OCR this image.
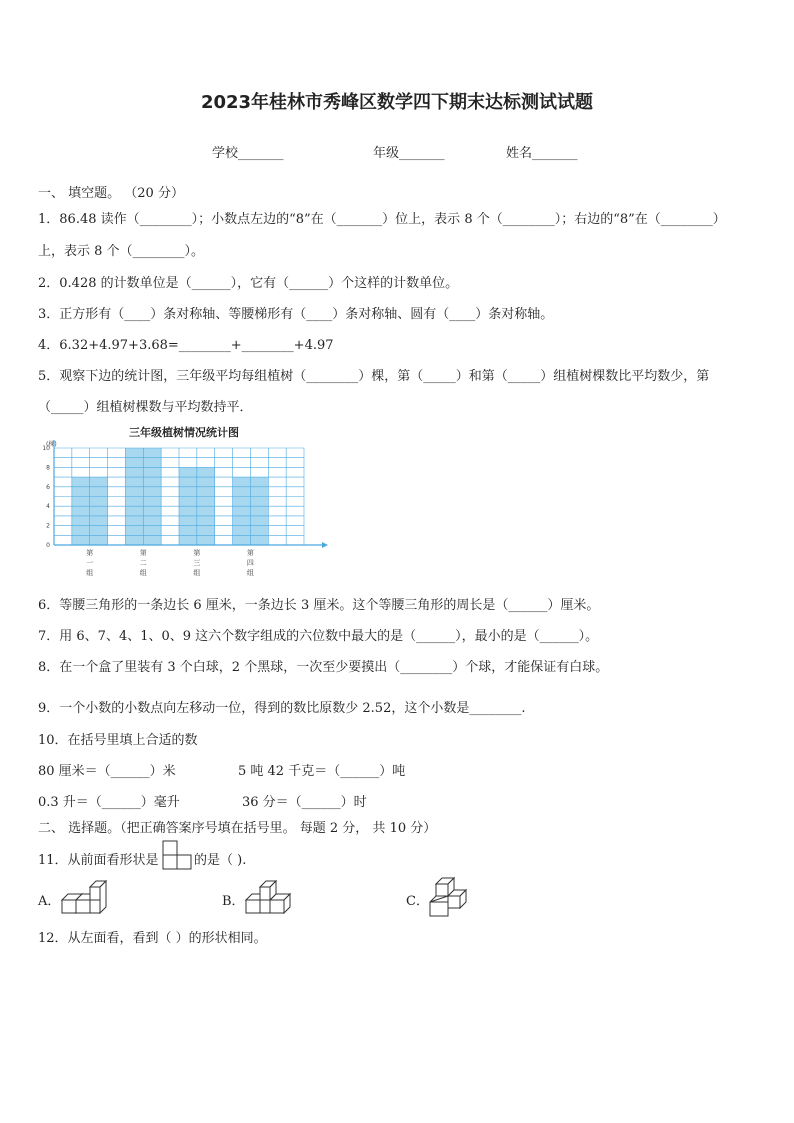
2023年桂林市秀峰区数学四下期末达标测试试题
学校_______	年级_______	姓名_______
一、 填空题。 （20 分）
1．86.48 读作（________）；小数点左边的“8”在（_______）位上，表示 8 个（________）；右边的“8”在（________）
上，表示 8 个（________）。
2．0.428 的计数单位是（______），它有（______）个这样的计数单位。
3．正方形有（____）条对称轴、等腰梯形有（____）条对称轴、圆有（____）条对称轴。
4．6.32+4.97+3.68=________+________+4.97
5．观察下边的统计图，三年级平均每组植树（________）棵，第（_____）和第（_____）组植树棵数比平均数少，第
（_____）组植树棵数与平均数持平．
三年级植树情况统计图
(棵)
0
2
4
6
8
10
第
一
组
第
二
组
第
三
组
第
四
组
6．等腰三角形的一条边长 6 厘米，一条边长 3 厘米。这个等腰三角形的周长是（______）厘米。
7．用 6、7、4、1、0、9 这六个数字组成的六位数中最大的是（______），最小的是（______）。
8．在一个盒了里装有 3 个白球，2 个黑球，一次至少要摸出（________）个球，才能保证有白球。
9．一个小数的小数点向左移动一位，得到的数比原数少 2.52，这个小数是________.
10．在括号里填上合适的数
80 厘米＝（______）米	5 吨 42 千克＝（______）吨
0.3 升＝（______）毫升	36 分＝（______）时
二、 选择题。（把正确答案序号填在括号里。 每题 2 分， 共 10 分）
11．从前面看形状是	的是（ ).
A．	B．	C．
12．从左面看，看到（ ）的形状相同。
